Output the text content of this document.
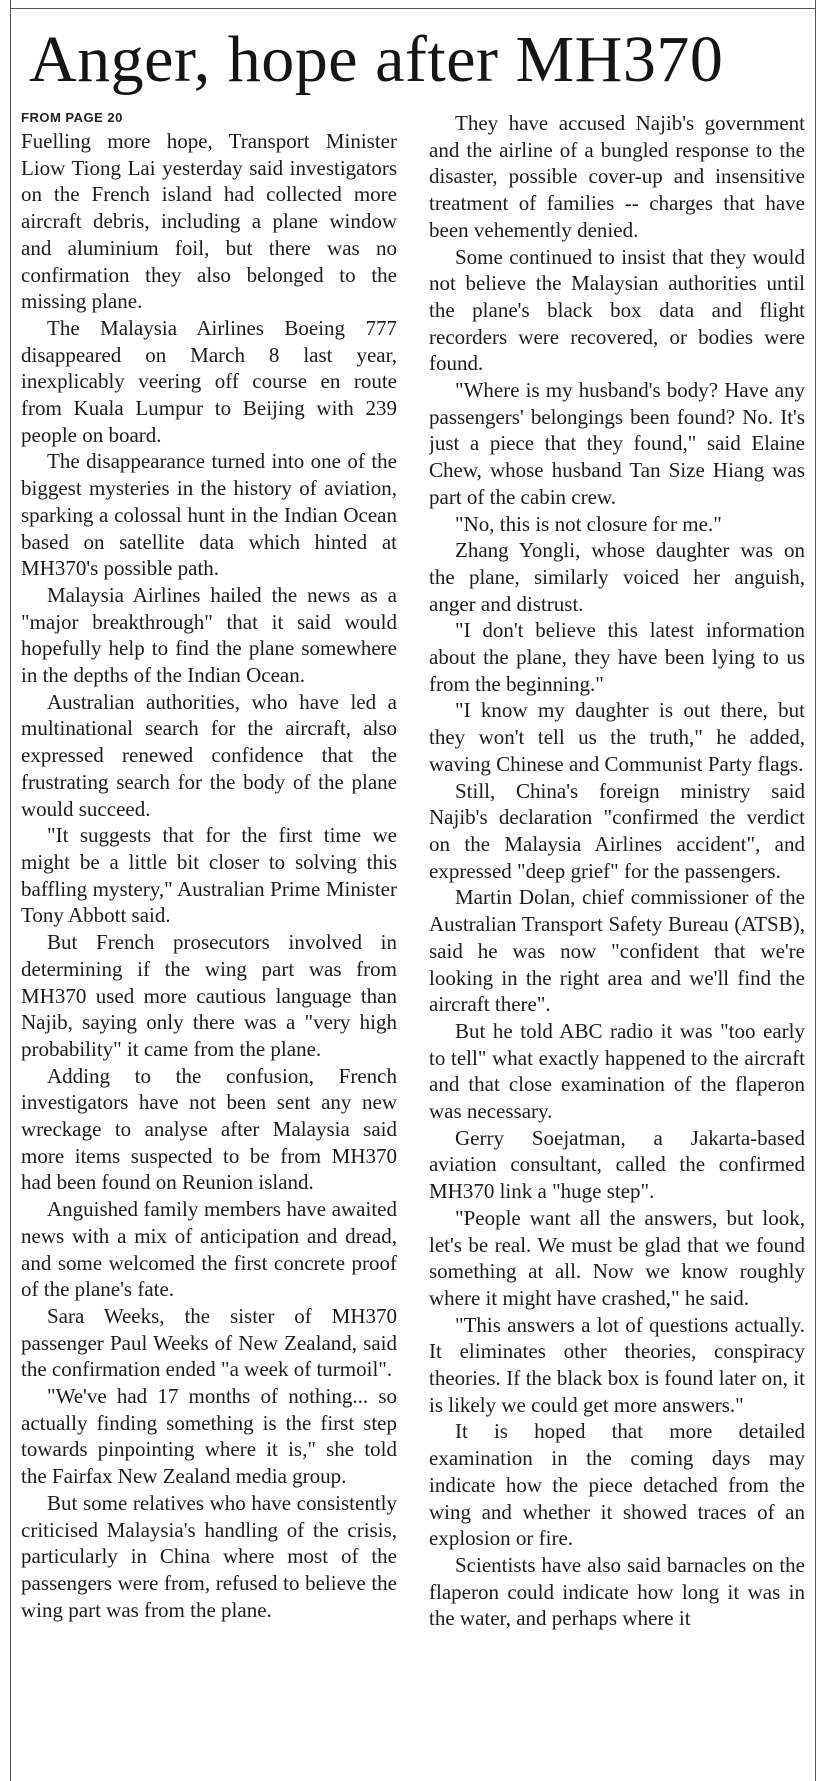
Anger, hope after MH370
FROM PAGE 20

Fuelling more hope, Transport Minister Liow Tiong Lai yesterday said investigators on the French island had collected more aircraft debris, including a plane window and aluminium foil, but there was no confirmation they also belonged to the missing plane.

The Malaysia Airlines Boeing 777 disappeared on March 8 last year, inexplicably veering off course en route from Kuala Lumpur to Beijing with 239 people on board.

The disappearance turned into one of the biggest mysteries in the history of aviation, sparking a colossal hunt in the Indian Ocean based on satellite data which hinted at MH370's possible path.

Malaysia Airlines hailed the news as a "major breakthrough" that it said would hopefully help to find the plane somewhere in the depths of the Indian Ocean.

Australian authorities, who have led a multinational search for the aircraft, also expressed renewed confidence that the frustrating search for the body of the plane would succeed.

"It suggests that for the first time we might be a little bit closer to solving this baffling mystery," Australian Prime Minister Tony Abbott said.

But French prosecutors involved in determining if the wing part was from MH370 used more cautious language than Najib, saying only there was a "very high probability" it came from the plane.

Adding to the confusion, French investigators have not been sent any new wreckage to analyse after Malaysia said more items suspected to be from MH370 had been found on Reunion island.

Anguished family members have awaited news with a mix of anticipation and dread, and some welcomed the first concrete proof of the plane's fate.

Sara Weeks, the sister of MH370 passenger Paul Weeks of New Zealand, said the confirmation ended "a week of turmoil".

"We've had 17 months of nothing... so actually finding something is the first step towards pinpointing where it is," she told the Fairfax New Zealand media group.

But some relatives who have consistently criticised Malaysia's handling of the crisis, particularly in China where most of the passengers were from, refused to believe the wing part was from the plane.

They have accused Najib's government and the airline of a bungled response to the disaster, possible cover-up and insensitive treatment of families -- charges that have been vehemently denied.

Some continued to insist that they would not believe the Malaysian authorities until the plane's black box data and flight recorders were recovered, or bodies were found.

"Where is my husband's body? Have any passengers' belongings been found? No. It's just a piece that they found," said Elaine Chew, whose husband Tan Size Hiang was part of the cabin crew.

"No, this is not closure for me."

Zhang Yongli, whose daughter was on the plane, similarly voiced her anguish, anger and distrust.

"I don't believe this latest information about the plane, they have been lying to us from the beginning."

"I know my daughter is out there, but they won't tell us the truth," he added, waving Chinese and Communist Party flags.

Still, China's foreign ministry said Najib's declaration "confirmed the verdict on the Malaysia Airlines accident", and expressed "deep grief" for the passengers.

Martin Dolan, chief commissioner of the Australian Transport Safety Bureau (ATSB), said he was now "confident that we're looking in the right area and we'll find the aircraft there".

But he told ABC radio it was "too early to tell" what exactly happened to the aircraft and that close examination of the flaperon was necessary.

Gerry Soejatman, a Jakarta-based aviation consultant, called the confirmed MH370 link a "huge step".

"People want all the answers, but look, let's be real. We must be glad that we found something at all. Now we know roughly where it might have crashed," he said.

"This answers a lot of questions actually. It eliminates other theories, conspiracy theories. If the black box is found later on, it is likely we could get more answers."

It is hoped that more detailed examination in the coming days may indicate how the piece detached from the wing and whether it showed traces of an explosion or fire.

Scientists have also said barnacles on the flaperon could indicate how long it was in the water, and perhaps where it
